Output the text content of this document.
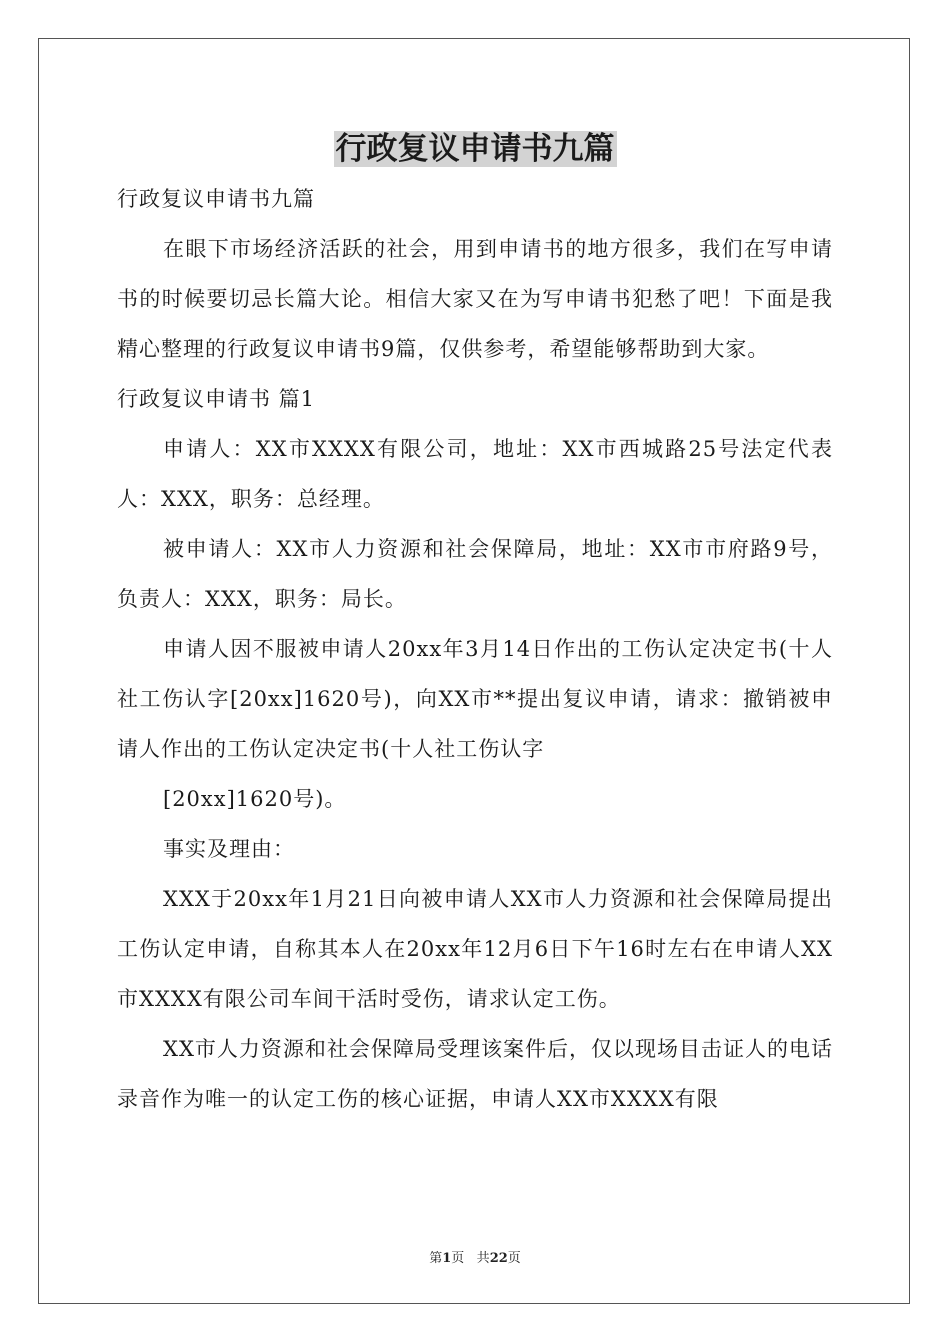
行政复议申请书九篇

行政复议申请书九篇

在眼下市场经济活跃的社会，用到申请书的地方很多，我们在写申请书的时候要切忌长篇大论。相信大家又在为写申请书犯愁了吧！下面是我精心整理的行政复议申请书9篇，仅供参考，希望能够帮助到大家。

行政复议申请书 篇1

申请人：XX市XXXX有限公司，地址：XX市西城路25号法定代表人：XXX，职务：总经理。

被申请人：XX市人力资源和社会保障局，地址：XX市市府路9号，负责人：XXX，职务：局长。

申请人因不服被申请人20xx年3月14日作出的工伤认定决定书(十人社工伤认字[20xx]1620号)，向XX市**提出复议申请，请求：撤销被申请人作出的工伤认定决定书(十人社工伤认字

[20xx]1620号)。

事实及理由：

XXX于20xx年1月21日向被申请人XX市人力资源和社会保障局提出工伤认定申请，自称其本人在20xx年12月6日下午16时左右在申请人XX市XXXX有限公司车间干活时受伤，请求认定工伤。

XX市人力资源和社会保障局受理该案件后，仅以现场目击证人的电话录音作为唯一的认定工伤的核心证据，申请人XX市XXXX有限

第1页 共22页
